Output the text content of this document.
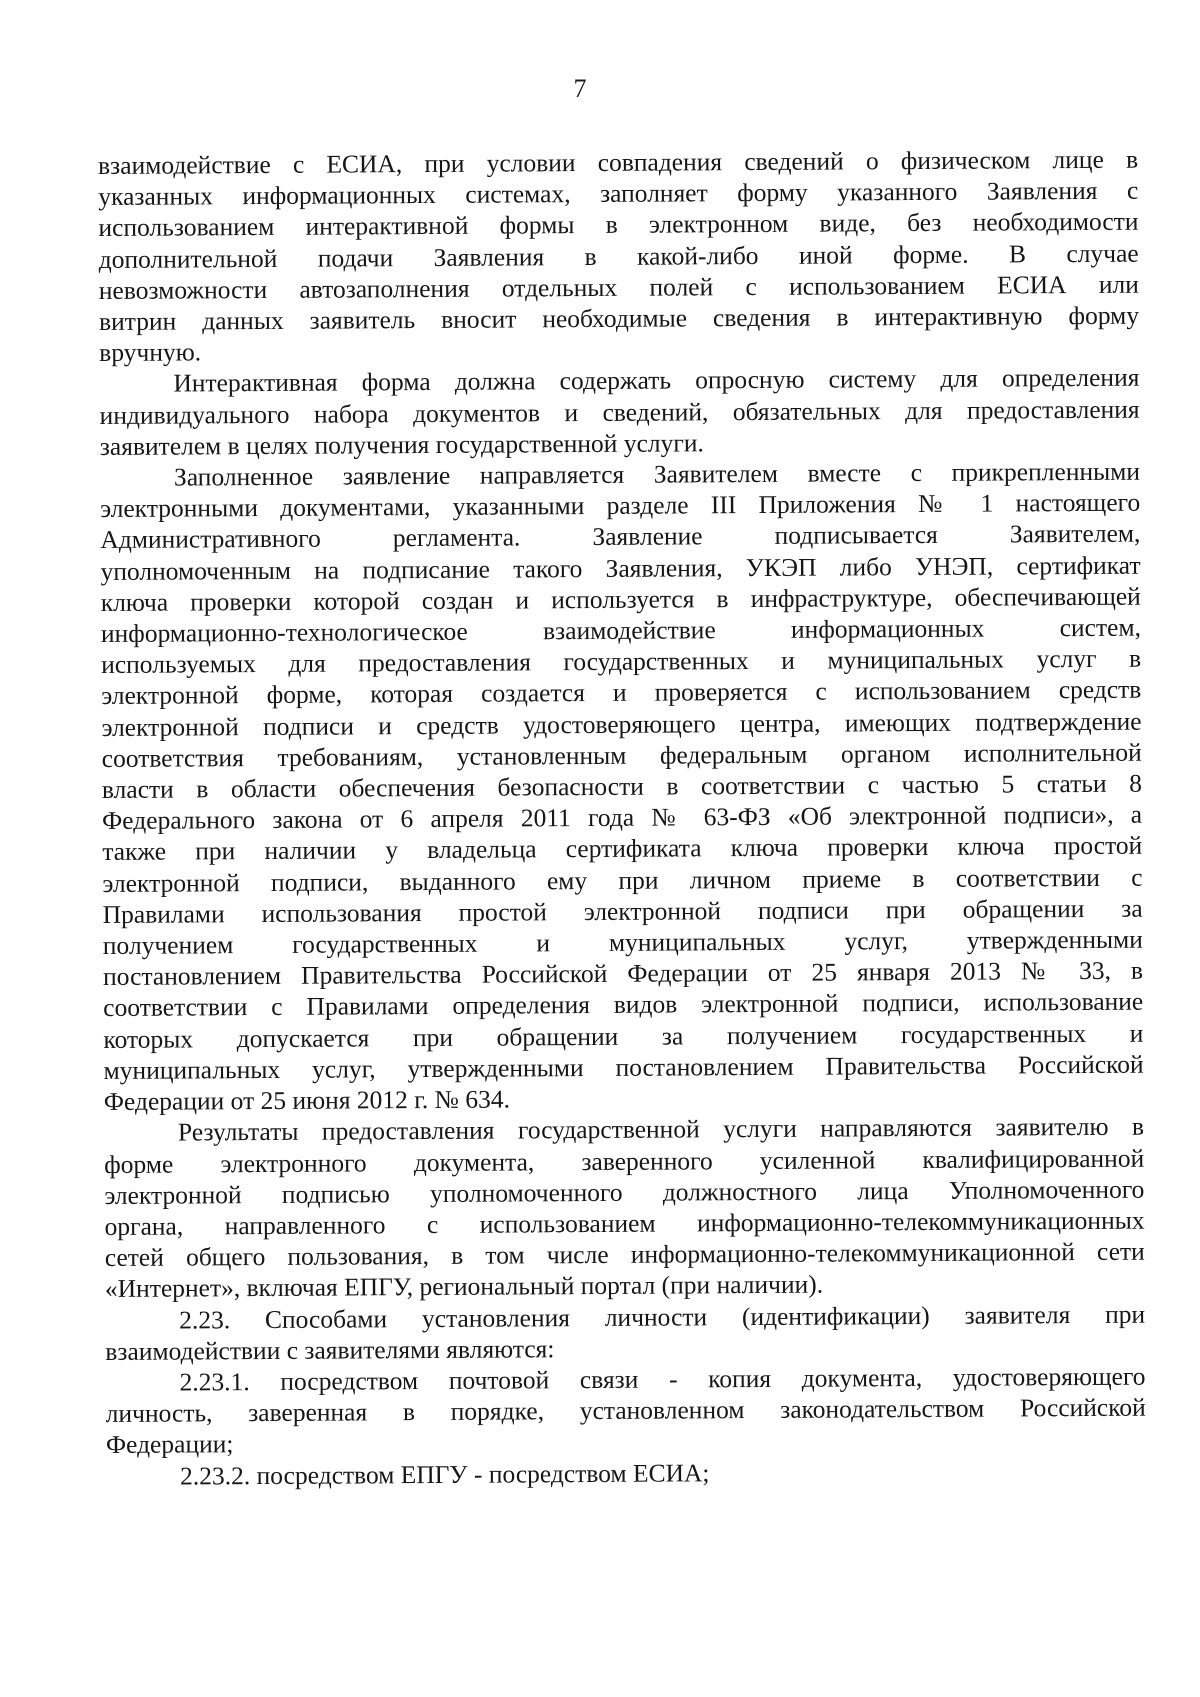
7
взаимодействие с ЕСИА, при условии совпадения сведений о физическом лице в
указанных информационных системах, заполняет форму указанного Заявления с
использованием интерактивной формы в электронном виде, без необходимости
дополнительной подачи Заявления в какой-либо иной форме. В случае
невозможности автозаполнения отдельных полей с использованием ЕСИА или
витрин данных заявитель вносит необходимые сведения в интерактивную форму
вручную.
Интерактивная форма должна содержать опросную систему для определения
индивидуального набора документов и сведений, обязательных для предоставления
заявителем в целях получения государственной услуги.
Заполненное заявление направляется Заявителем вместе с прикрепленными
электронными документами, указанными разделе III Приложения № 1 настоящего
Административного регламента. Заявление подписывается Заявителем,
уполномоченным на подписание такого Заявления, УКЭП либо УНЭП, сертификат
ключа проверки которой создан и используется в инфраструктуре, обеспечивающей
информационно-технологическое взаимодействие информационных систем,
используемых для предоставления государственных и муниципальных услуг в
электронной форме, которая создается и проверяется с использованием средств
электронной подписи и средств удостоверяющего центра, имеющих подтверждение
соответствия требованиям, установленным федеральным органом исполнительной
власти в области обеспечения безопасности в соответствии с частью 5 статьи 8
Федерального закона от 6 апреля 2011 года № 63-ФЗ «Об электронной подписи», а
также при наличии у владельца сертификата ключа проверки ключа простой
электронной подписи, выданного ему при личном приеме в соответствии с
Правилами использования простой электронной подписи при обращении за
получением государственных и муниципальных услуг, утвержденными
постановлением Правительства Российской Федерации от 25 января 2013 № 33, в
соответствии с Правилами определения видов электронной подписи, использование
которых допускается при обращении за получением государственных и
муниципальных услуг, утвержденными постановлением Правительства Российской
Федерации от 25 июня 2012 г. № 634.
Результаты предоставления государственной услуги направляются заявителю в
форме электронного документа, заверенного усиленной квалифицированной
электронной подписью уполномоченного должностного лица Уполномоченного
органа, направленного с использованием информационно-телекоммуникационных
сетей общего пользования, в том числе информационно-телекоммуникационной сети
«Интернет», включая ЕПГУ, региональный портал (при наличии).
2.23. Способами установления личности (идентификации) заявителя при
взаимодействии с заявителями являются:
2.23.1. посредством почтовой связи - копия документа, удостоверяющего
личность, заверенная в порядке, установленном законодательством Российской
Федерации;
2.23.2. посредством ЕПГУ - посредством ЕСИА;
